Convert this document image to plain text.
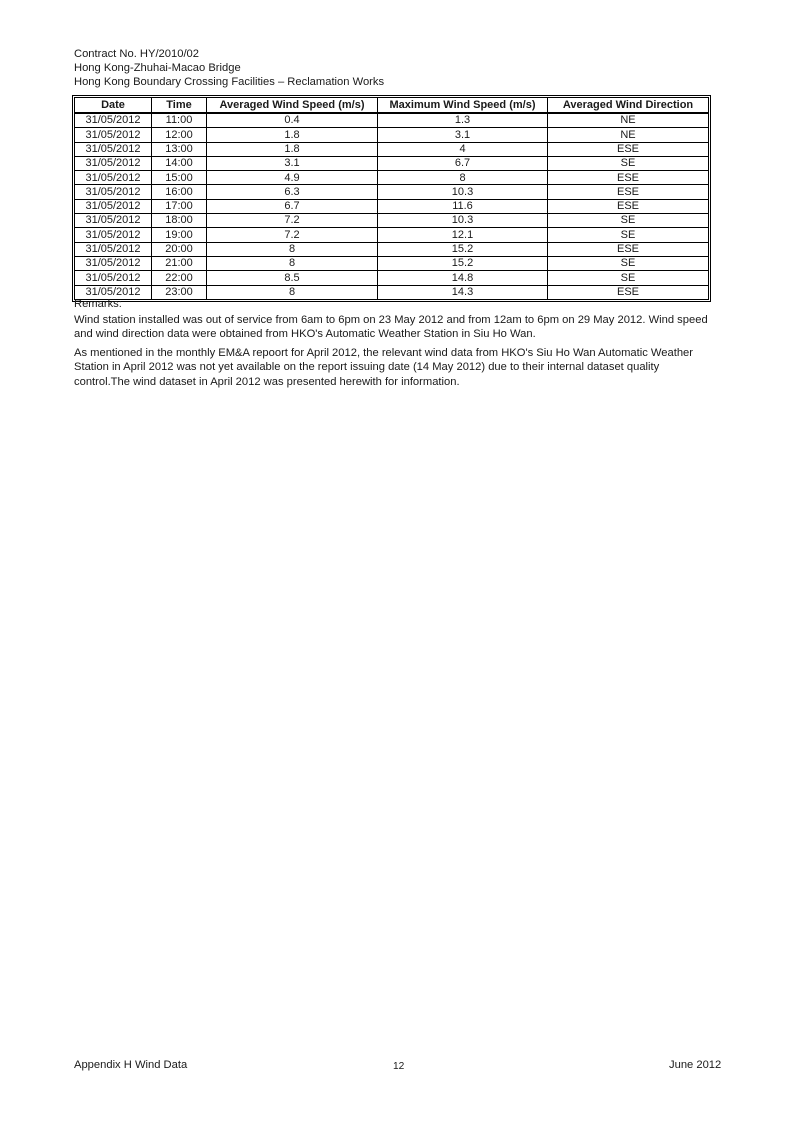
Contract No. HY/2010/02
Hong Kong-Zhuhai-Macao Bridge
Hong Kong Boundary Crossing Facilities – Reclamation Works
Date	Time	Averaged Wind Speed (m/s)	Maximum Wind Speed (m/s)	Averaged Wind Direction
31/05/2012	11:00	0.4	1.3	NE
31/05/2012	12:00	1.8	3.1	NE
31/05/2012	13:00	1.8	4	ESE
31/05/2012	14:00	3.1	6.7	SE
31/05/2012	15:00	4.9	8	ESE
31/05/2012	16:00	6.3	10.3	ESE
31/05/2012	17:00	6.7	11.6	ESE
31/05/2012	18:00	7.2	10.3	SE
31/05/2012	19:00	7.2	12.1	SE
31/05/2012	20:00	8	15.2	ESE
31/05/2012	21:00	8	15.2	SE
31/05/2012	22:00	8.5	14.8	SE
31/05/2012	23:00	8	14.3	ESE

Remarks:

Wind station installed was out of service from 6am to 6pm on 23 May 2012 and from 12am to 6pm on 29 May 2012. Wind speed and wind direction data were obtained from HKO's Automatic Weather Station in Siu Ho Wan.

As mentioned in the monthly EM&A repoort for April 2012, the relevant wind data from HKO's Siu Ho Wan Automatic Weather Station in April 2012 was not yet available on the report issuing date (14 May 2012) due to their internal dataset quality control.The wind dataset in April 2012 was presented herewith for information.

Appendix H Wind Data	12	June 2012
